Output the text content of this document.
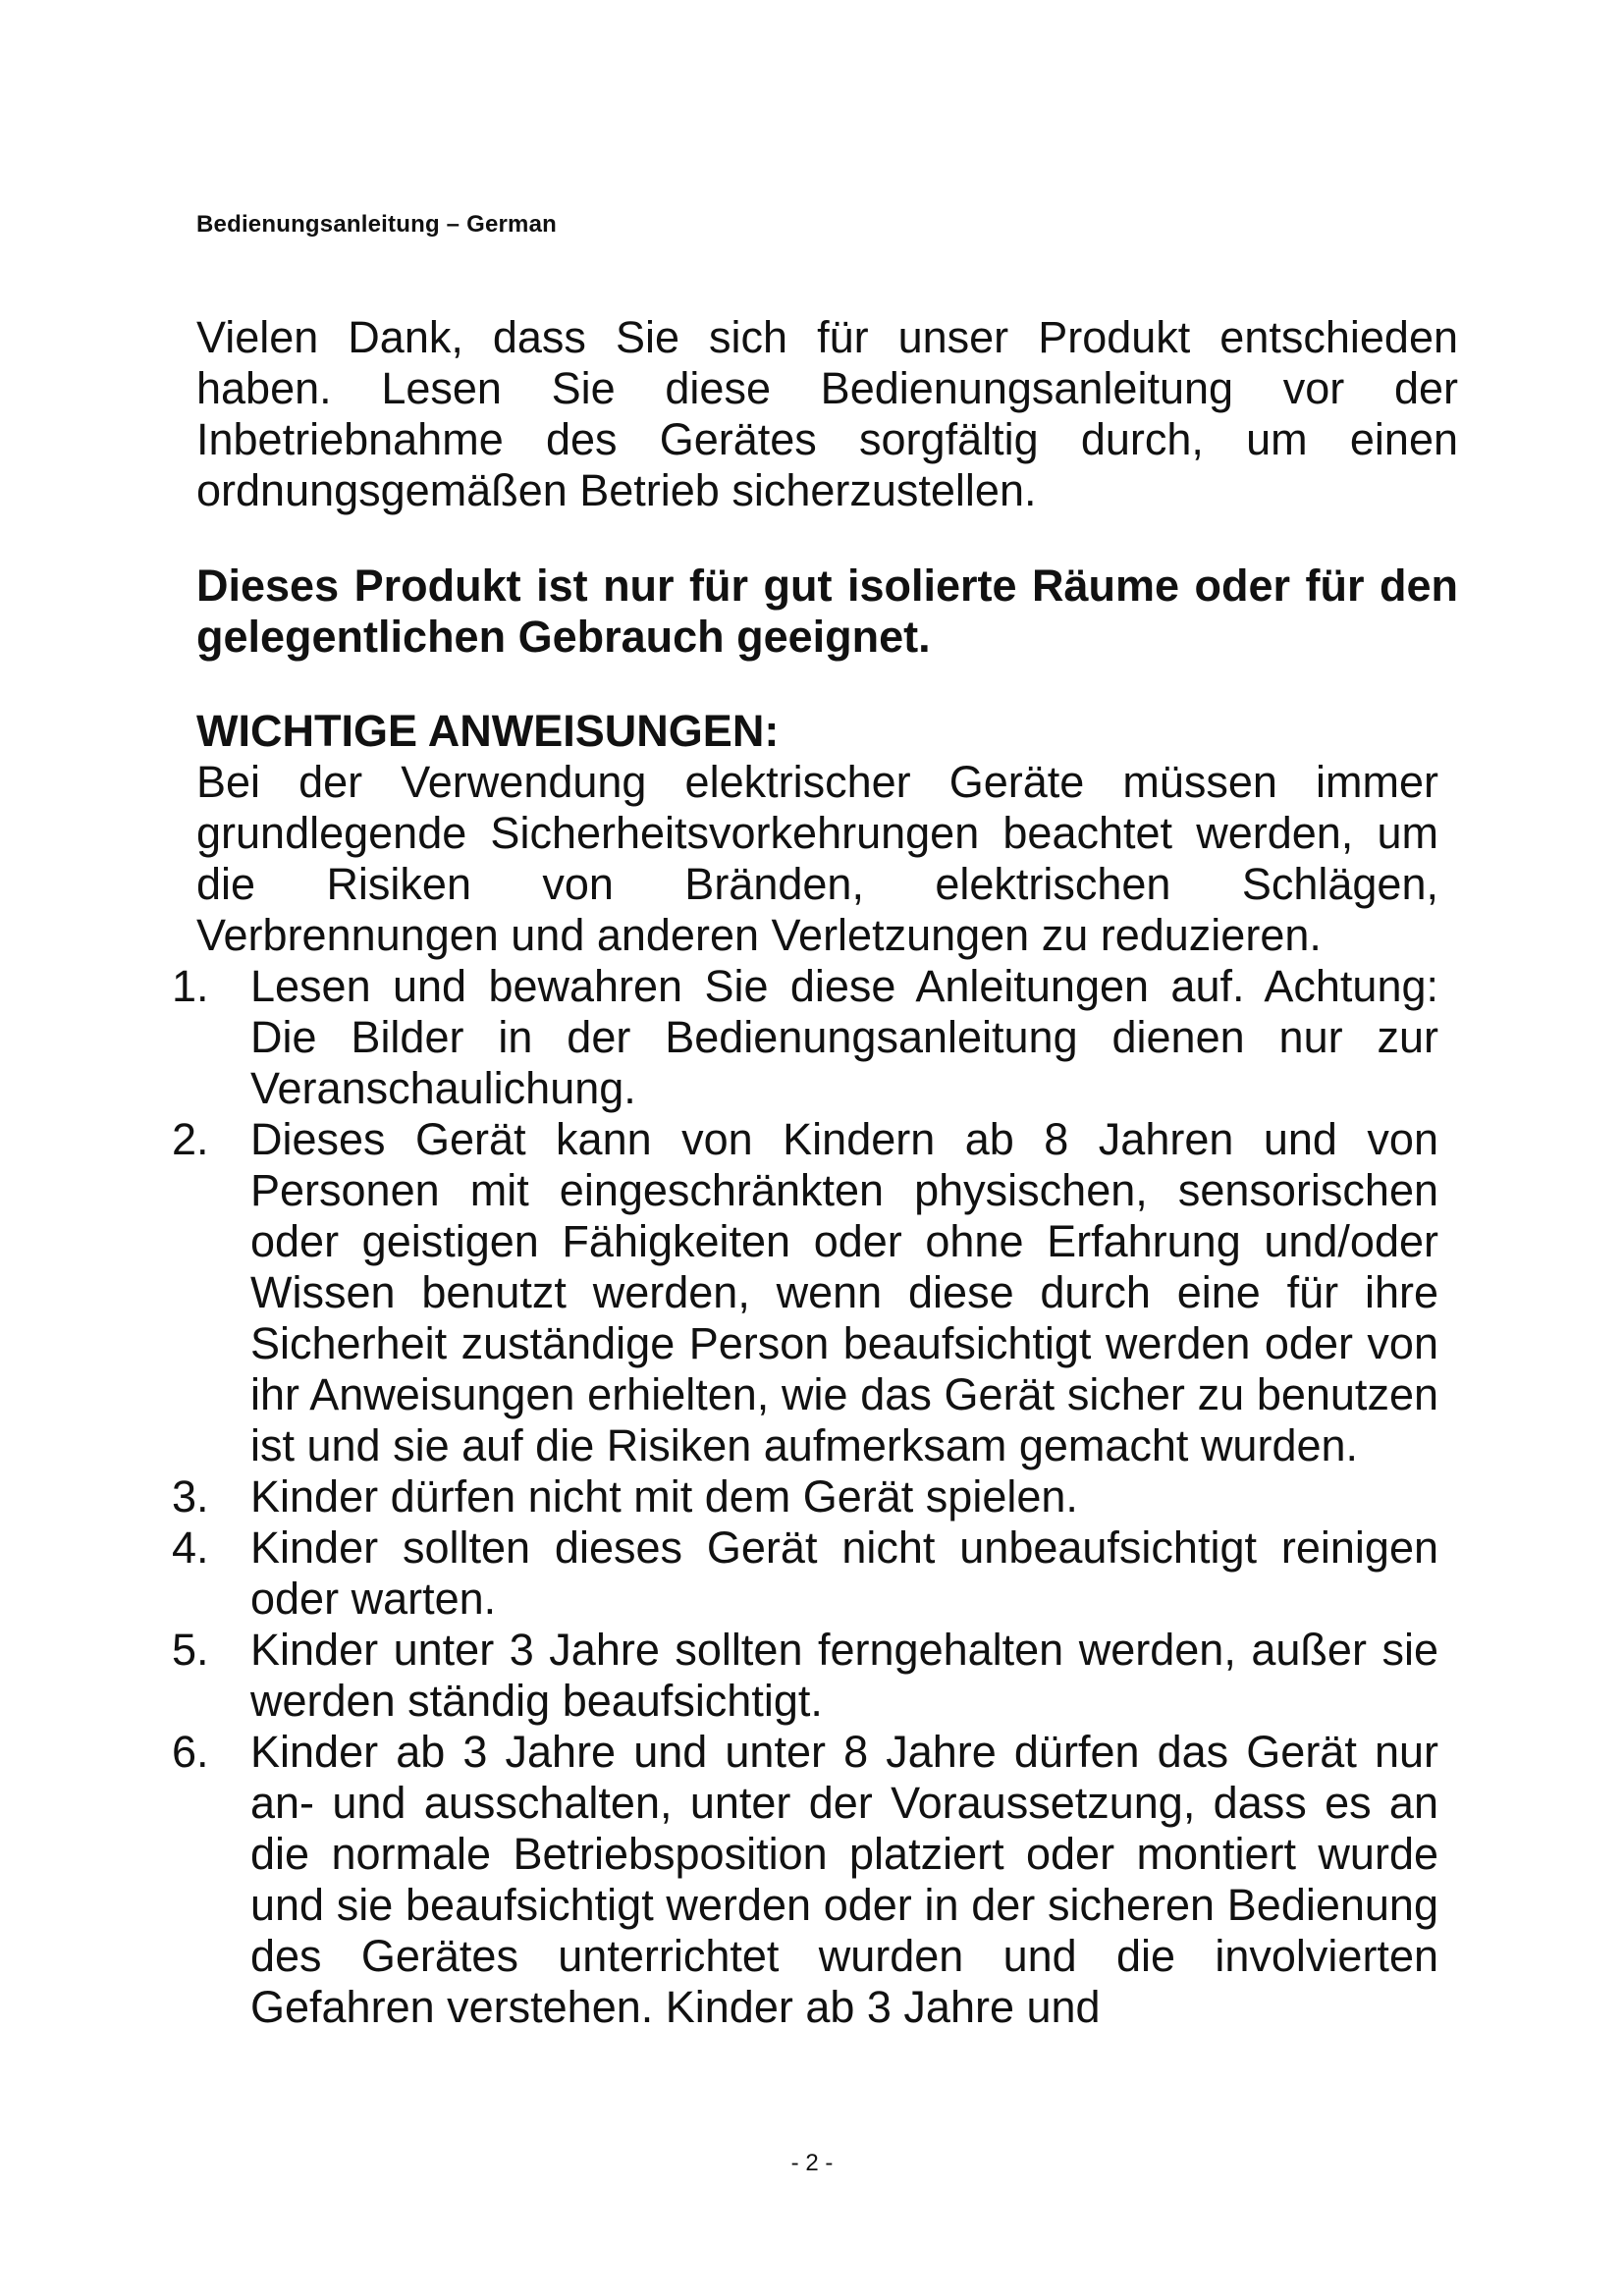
Bedienungsanleitung – German

Vielen Dank, dass Sie sich für unser Produkt entschieden haben. Lesen Sie diese Bedienungsanleitung vor der Inbetriebnahme des Gerätes sorgfältig durch, um einen ordnungsgemäßen Betrieb sicherzustellen.

Dieses Produkt ist nur für gut isolierte Räume oder für den gelegentlichen Gebrauch geeignet.

WICHTIGE ANWEISUNGEN:

Bei der Verwendung elektrischer Geräte müssen immer grundlegende Sicherheitsvorkehrungen beachtet werden, um die Risiken von Bränden, elektrischen Schlägen, Verbrennungen und anderen Verletzungen zu reduzieren.

1. Lesen und bewahren Sie diese Anleitungen auf. Achtung: Die Bilder in der Bedienungsanleitung dienen nur zur Veranschaulichung.
2. Dieses Gerät kann von Kindern ab 8 Jahren und von Personen mit eingeschränkten physischen, sensorischen oder geistigen Fähigkeiten oder ohne Erfahrung und/oder Wissen benutzt werden, wenn diese durch eine für ihre Sicherheit zuständige Person beaufsichtigt werden oder von ihr Anweisungen erhielten, wie das Gerät sicher zu benutzen ist und sie auf die Risiken aufmerksam gemacht wurden.
3. Kinder dürfen nicht mit dem Gerät spielen.
4. Kinder sollten dieses Gerät nicht unbeaufsichtigt reinigen oder warten.
5. Kinder unter 3 Jahre sollten ferngehalten werden, außer sie werden ständig beaufsichtigt.
6. Kinder ab 3 Jahre und unter 8 Jahre dürfen das Gerät nur an- und ausschalten, unter der Voraussetzung, dass es an die normale Betriebsposition platziert oder montiert wurde und sie beaufsichtigt werden oder in der sicheren Bedienung des Gerätes unterrichtet wurden und die involvierten Gefahren verstehen. Kinder ab 3 Jahre und
- 2 -
